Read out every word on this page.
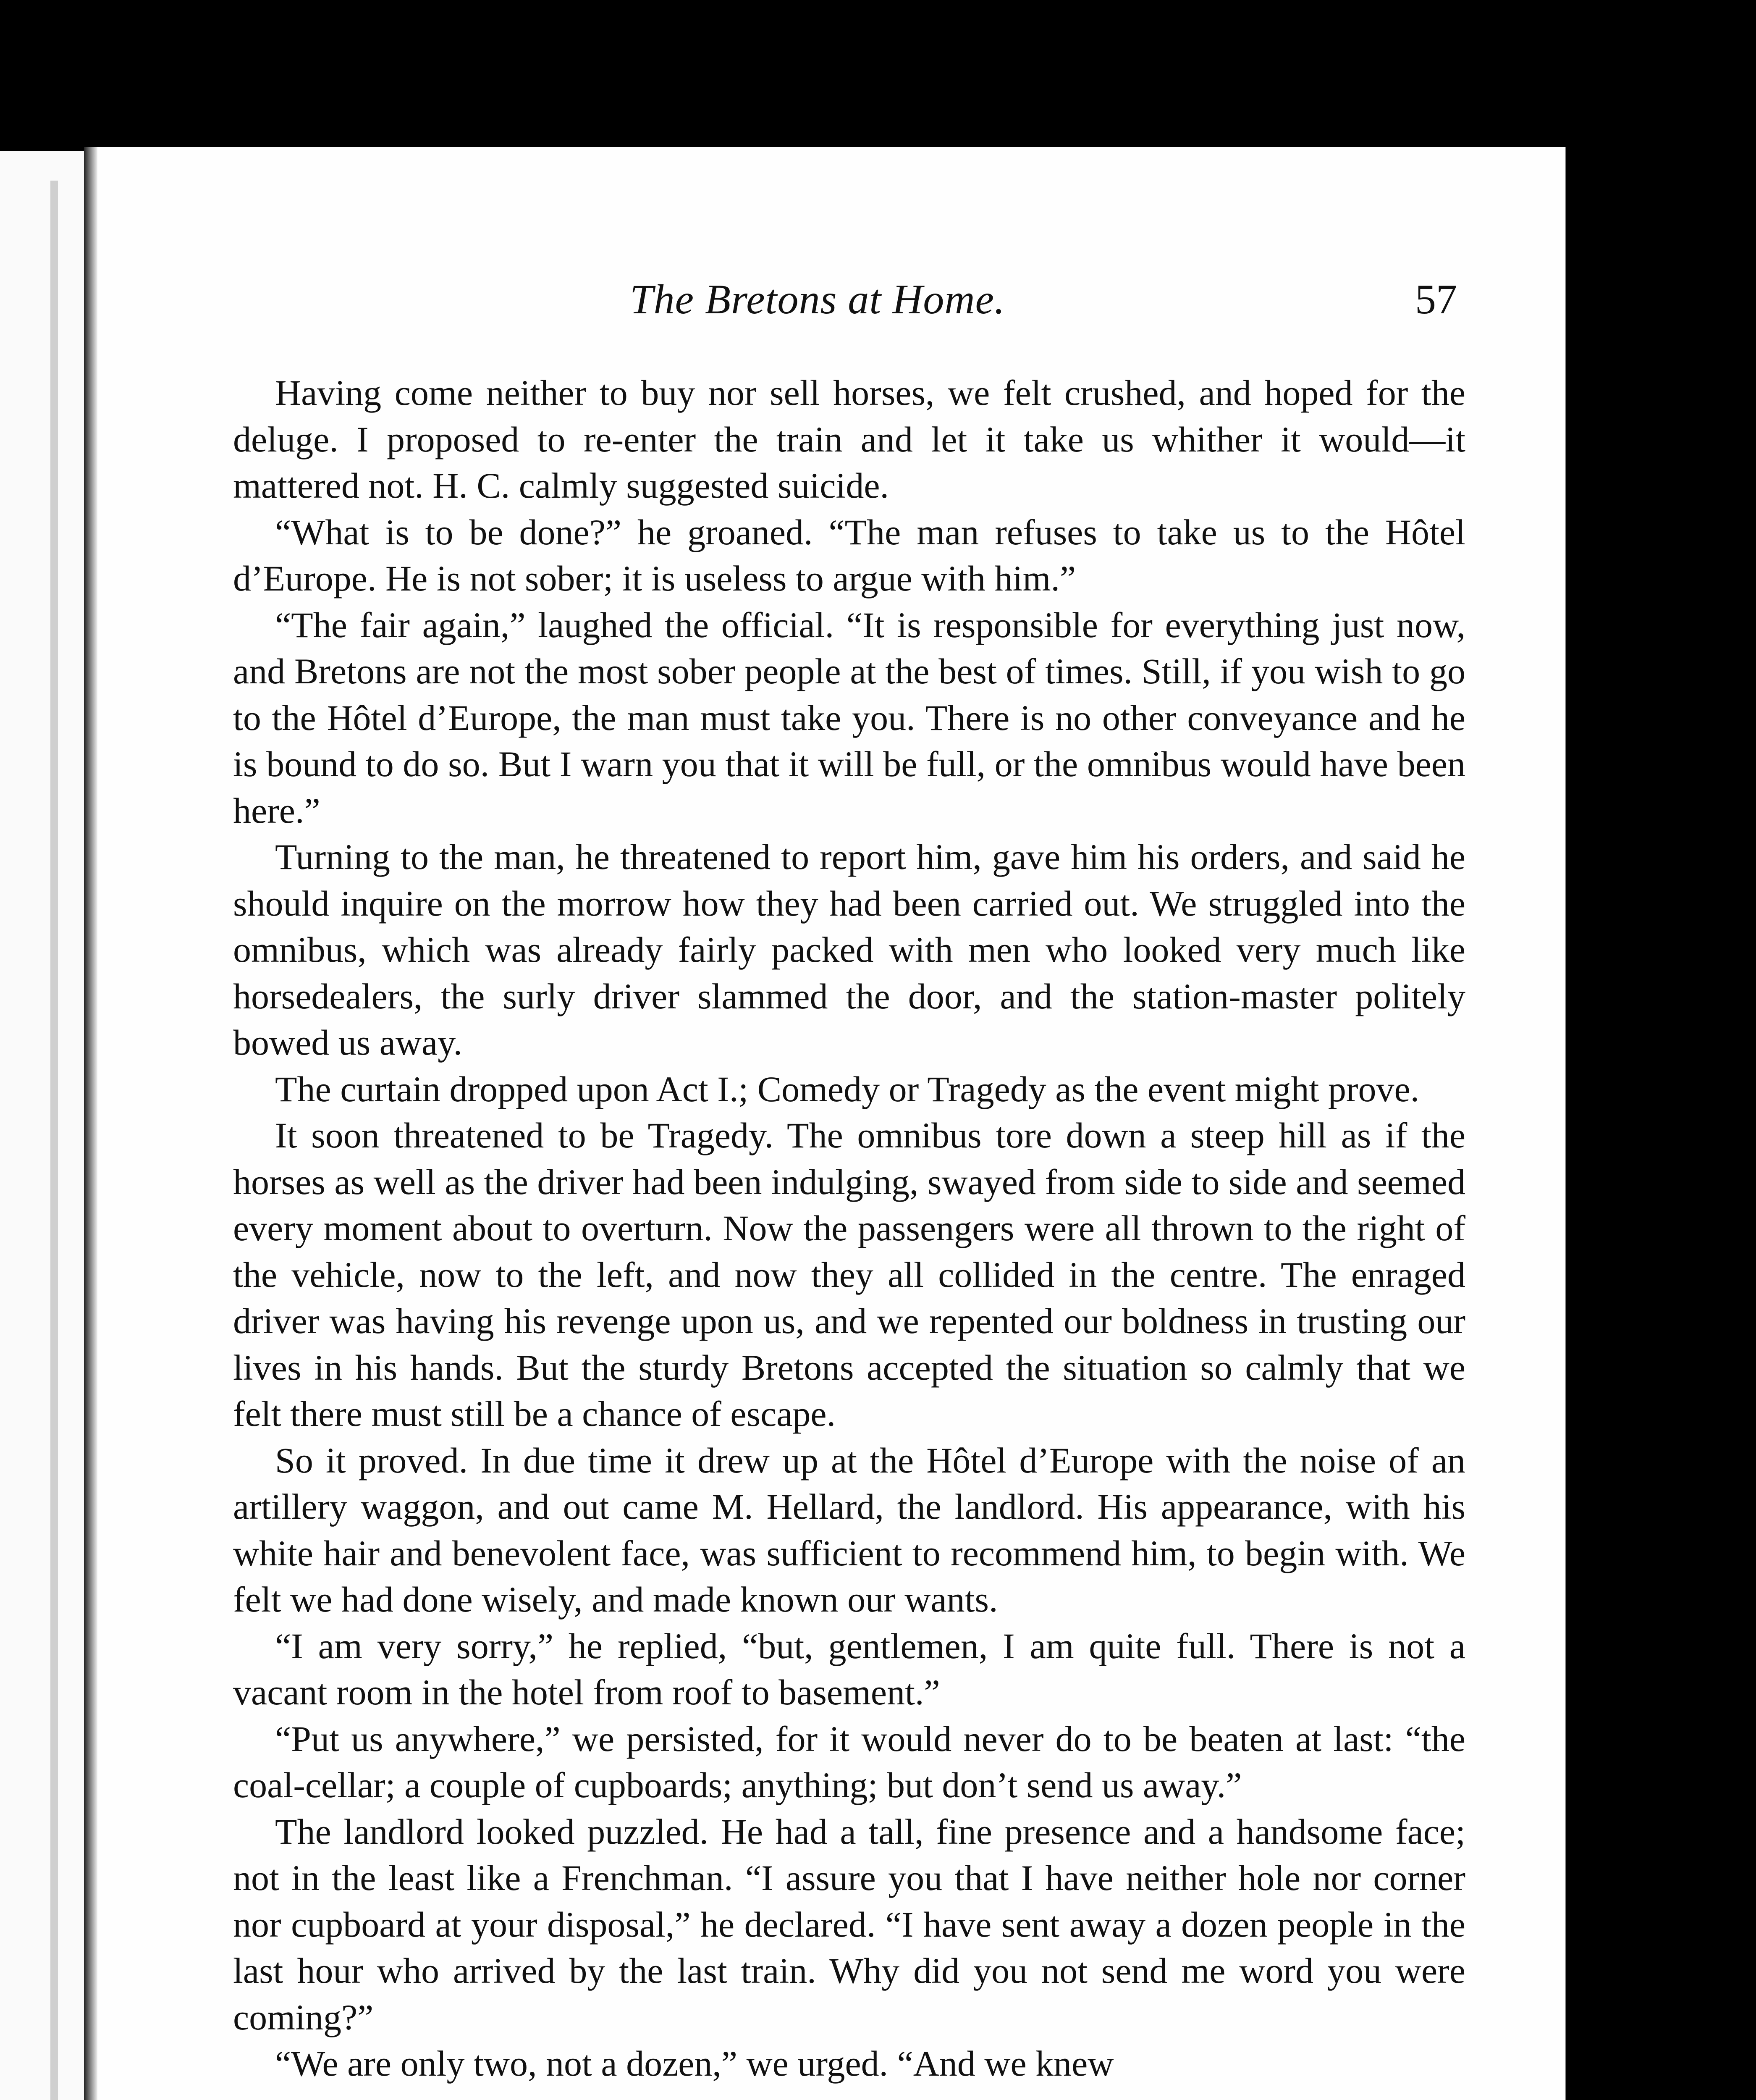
The Bretons at Home.	57

Having come neither to buy nor sell horses, we felt crushed, and hoped for the deluge. I proposed to re-enter the train and let it take us whither it would—it mattered not. H. C. calmly suggested suicide.

“What is to be done?” he groaned. “The man refuses to take us to the Hôtel d’Europe. He is not sober; it is useless to argue with him.”

“The fair again,” laughed the official. “It is responsible for everything just now, and Bretons are not the most sober people at the best of times. Still, if you wish to go to the Hôtel d’Europe, the man must take you. There is no other conveyance and he is bound to do so. But I warn you that it will be full, or the omnibus would have been here.”

Turning to the man, he threatened to report him, gave him his orders, and said he should inquire on the morrow how they had been carried out. We struggled into the omnibus, which was already fairly packed with men who looked very much like horsedealers, the surly driver slammed the door, and the station-master politely bowed us away.

The curtain dropped upon Act I.; Comedy or Tragedy as the event might prove.

It soon threatened to be Tragedy. The omnibus tore down a steep hill as if the horses as well as the driver had been indulging, swayed from side to side and seemed every moment about to overturn. Now the passengers were all thrown to the right of the vehicle, now to the left, and now they all collided in the centre. The enraged driver was having his revenge upon us, and we repented our boldness in trusting our lives in his hands. But the sturdy Bretons accepted the situation so calmly that we felt there must still be a chance of escape.

So it proved. In due time it drew up at the Hôtel d’Europe with the noise of an artillery waggon, and out came M. Hellard, the landlord. His appearance, with his white hair and benevolent face, was sufficient to recommend him, to begin with. We felt we had done wisely, and made known our wants.

“I am very sorry,” he replied, “but, gentlemen, I am quite full. There is not a vacant room in the hotel from roof to basement.”

“Put us anywhere,” we persisted, for it would never do to be beaten at last: “the coal-cellar; a couple of cupboards; anything; but don’t send us away.”

The landlord looked puzzled. He had a tall, fine presence and a handsome face; not in the least like a Frenchman. “I assure you that I have neither hole nor corner nor cupboard at your disposal,” he declared. “I have sent away a dozen people in the last hour who arrived by the last train. Why did you not send me word you were coming?”

“We are only two, not a dozen,” we urged. “And we knew
